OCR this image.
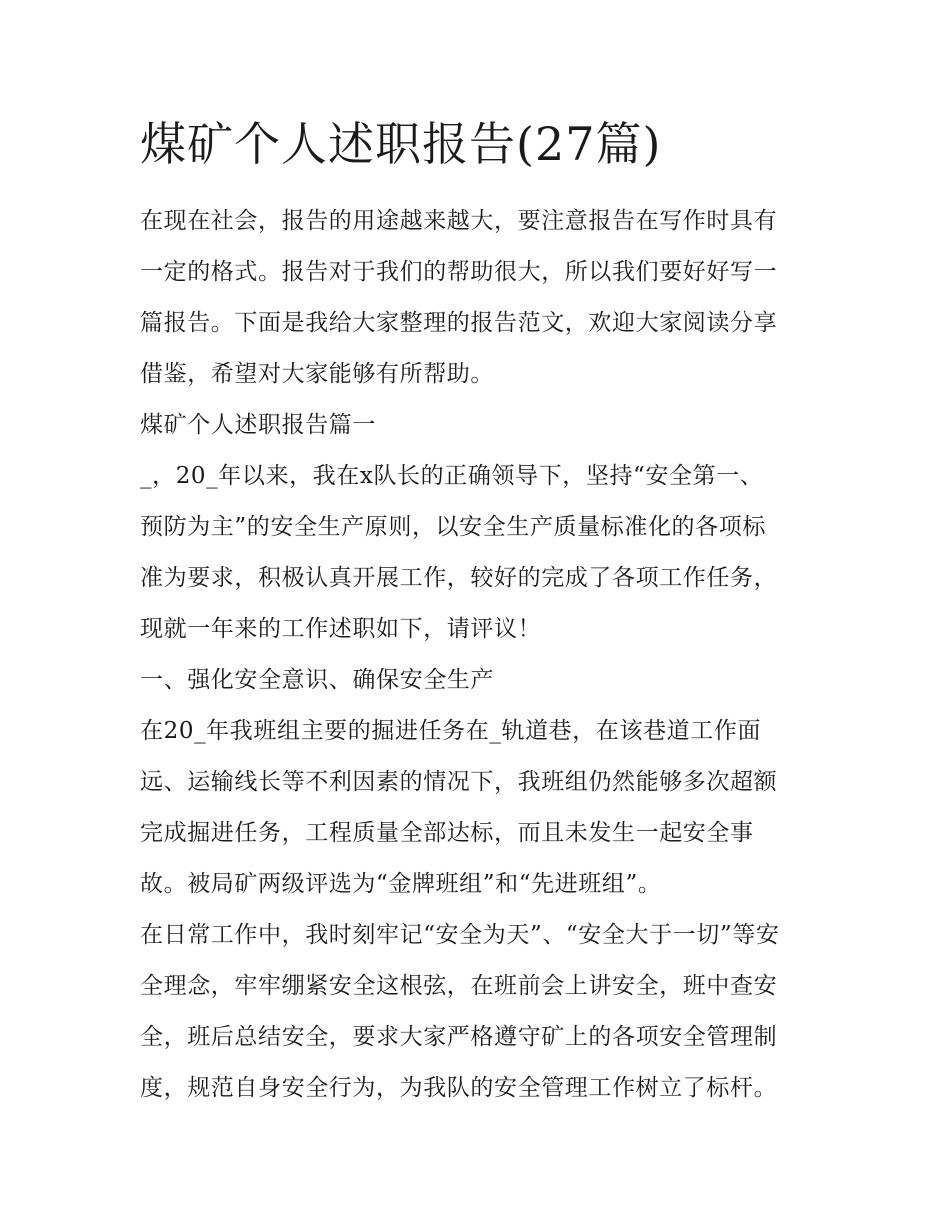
煤矿个人述职报告(27篇)
在现在社会，报告的用途越来越大，要注意报告在写作时具有
一定的格式。报告对于我们的帮助很大，所以我们要好好写一
篇报告。下面是我给大家整理的报告范文，欢迎大家阅读分享
借鉴，希望对大家能够有所帮助。
煤矿个人述职报告篇一
_，20_年以来，我在x队长的正确领导下，坚持“安全第一、
预防为主”的安全生产原则，以安全生产质量标准化的各项标
准为要求，积极认真开展工作，较好的完成了各项工作任务，
现就一年来的工作述职如下，请评议！
一、强化安全意识、确保安全生产
在20_年我班组主要的掘进任务在_轨道巷，在该巷道工作面
远、运输线长等不利因素的情况下，我班组仍然能够多次超额
完成掘进任务，工程质量全部达标，而且未发生一起安全事
故。被局矿两级评选为“金牌班组”和“先进班组”。
在日常工作中，我时刻牢记“安全为天”、“安全大于一切”等安
全理念，牢牢绷紧安全这根弦，在班前会上讲安全，班中查安
全，班后总结安全，要求大家严格遵守矿上的各项安全管理制
度，规范自身安全行为，为我队的安全管理工作树立了标杆。
